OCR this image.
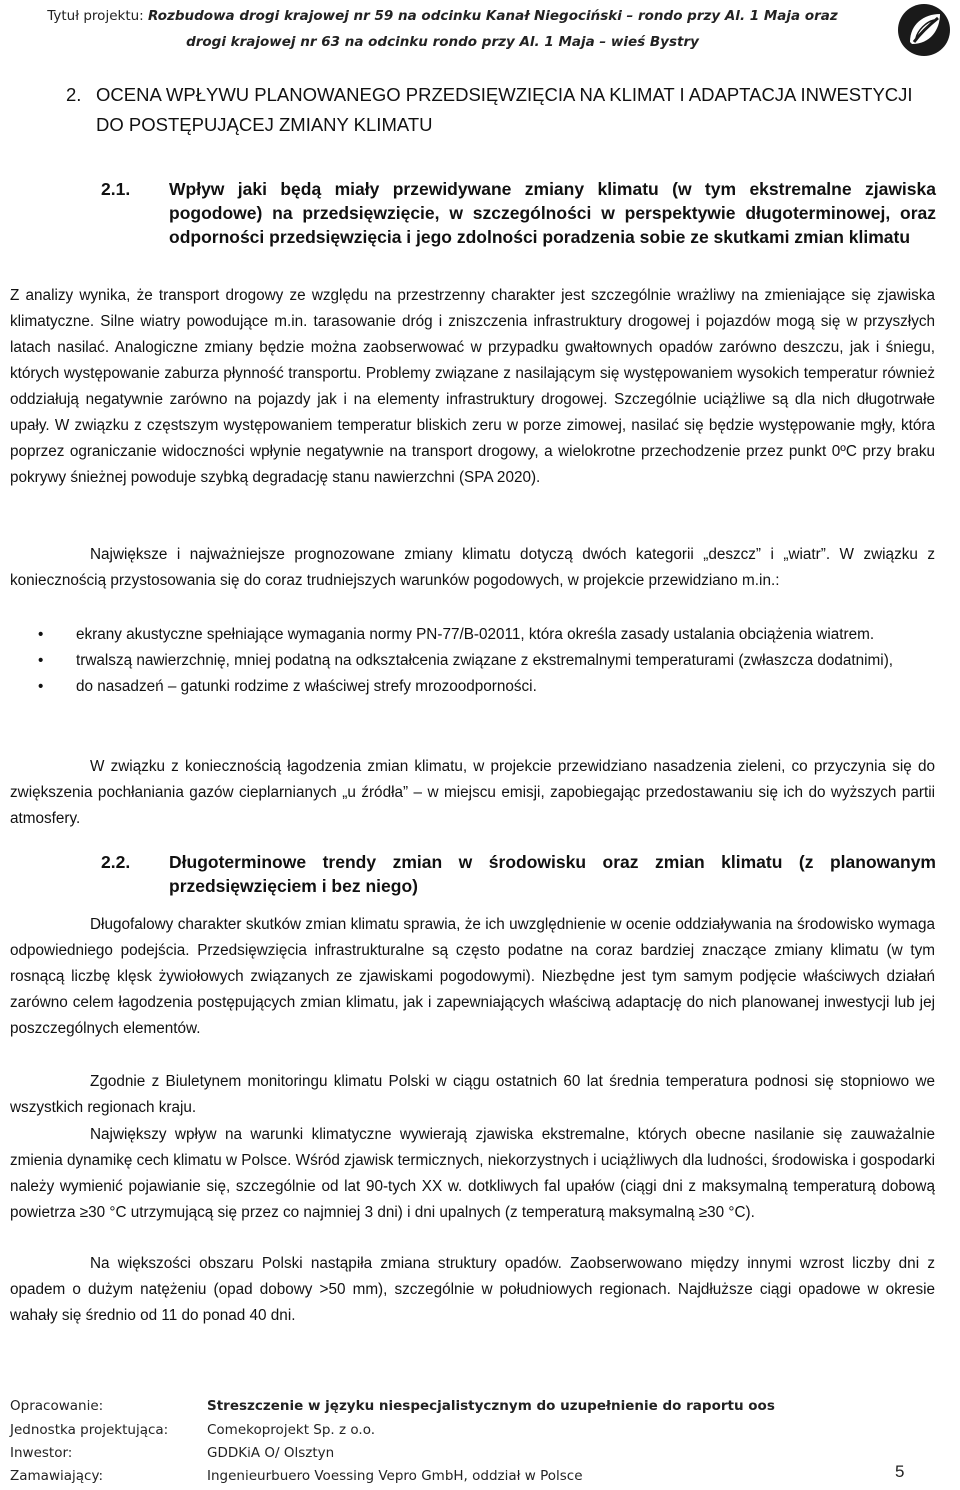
Tytuł projektu: Rozbudowa drogi krajowej nr 59 na odcinku Kanał Niegociński – rondo przy Al. 1 Maja oraz
drogi krajowej nr 63 na odcinku rondo przy Al. 1 Maja – wieś Bystry
2. OCENA WPŁYWU PLANOWANEGO PRZEDSIĘWZIĘCIA NA KLIMAT I ADAPTACJA INWESTYCJI DO POSTĘPUJĄCEJ ZMIANY KLIMATU
2.1. Wpływ jaki będą miały przewidywane zmiany klimatu (w tym ekstremalne zjawiska pogodowe) na przedsięwzięcie, w szczególności w perspektywie długoterminowej, oraz odporności przedsięwzięcia i jego zdolności poradzenia sobie ze skutkami zmian klimatu
Z analizy wynika, że transport drogowy ze względu na przestrzenny charakter jest szczególnie wrażliwy na zmieniające się zjawiska klimatyczne. Silne wiatry powodujące m.in. tarasowanie dróg i zniszczenia infrastruktury drogowej i pojazdów mogą się w przyszłych latach nasilać. Analogiczne zmiany będzie można zaobserwować w przypadku gwałtownych opadów zarówno deszczu, jak i śniegu, których występowanie zaburza płynność transportu. Problemy związane z nasilającym się występowaniem wysokich temperatur również oddziałują negatywnie zarówno na pojazdy jak i na elementy infrastruktury drogowej. Szczególnie uciążliwe są dla nich długotrwałe upały. W związku z częstszym występowaniem temperatur bliskich zeru w porze zimowej, nasilać się będzie występowanie mgły, która poprzez ograniczanie widoczności wpłynie negatywnie na transport drogowy, a wielokrotne przechodzenie przez punkt 0ºC przy braku pokrywy śnieżnej powoduje szybką degradację stanu nawierzchni (SPA 2020).
Największe i najważniejsze prognozowane zmiany klimatu dotyczą dwóch kategorii „deszcz” i „wiatr”. W związku z koniecznością przystosowania się do coraz trudniejszych warunków pogodowych, w projekcie przewidziano m.in.:
• ekrany akustyczne spełniające wymagania normy PN-77/B-02011, która określa zasady ustalania obciążenia wiatrem.
• trwalszą nawierzchnię, mniej podatną na odkształcenia związane z ekstremalnymi temperaturami (zwłaszcza dodatnimi),
• do nasadzeń – gatunki rodzime z właściwej strefy mrozoodporności.
W związku z koniecznością łagodzenia zmian klimatu, w projekcie przewidziano nasadzenia zieleni, co przyczynia się do zwiększenia pochłaniania gazów cieplarnianych „u źródła” – w miejscu emisji, zapobiegając przedostawaniu się ich do wyższych partii atmosfery.
2.2. Długoterminowe trendy zmian w środowisku oraz zmian klimatu (z planowanym przedsięwzięciem i bez niego)
Długofalowy charakter skutków zmian klimatu sprawia, że ich uwzględnienie w ocenie oddziaływania na środowisko wymaga odpowiedniego podejścia. Przedsięwzięcia infrastrukturalne są często podatne na coraz bardziej znaczące zmiany klimatu (w tym rosnącą liczbę klęsk żywiołowych związanych ze zjawiskami pogodowymi). Niezbędne jest tym samym podjęcie właściwych działań zarówno celem łagodzenia postępujących zmian klimatu, jak i zapewniających właściwą adaptację do nich planowanej inwestycji lub jej poszczególnych elementów.
Zgodnie z Biuletynem monitoringu klimatu Polski w ciągu ostatnich 60 lat średnia temperatura podnosi się stopniowo we wszystkich regionach kraju.
Największy wpływ na warunki klimatyczne wywierają zjawiska ekstremalne, których obecne nasilanie się zauważalnie zmienia dynamikę cech klimatu w Polsce. Wśród zjawisk termicznych, niekorzystnych i uciążliwych dla ludności, środowiska i gospodarki należy wymienić pojawianie się, szczególnie od lat 90-tych XX w. dotkliwych fal upałów (ciągi dni z maksymalną temperaturą dobową powietrza ≥30 °C utrzymującą się przez co najmniej 3 dni) i dni upalnych (z temperaturą maksymalną ≥30 °C).
Na większości obszaru Polski nastąpiła zmiana struktury opadów. Zaobserwowano między innymi wzrost liczby dni z opadem o dużym natężeniu (opad dobowy >50 mm), szczególnie w południowych regionach. Najdłuższe ciągi opadowe w okresie wahały się średnio od 11 do ponad 40 dni.
Opracowanie:	Streszczenie w języku niespecjalistycznym do uzupełnienie do raportu oos
Jednostka projektująca:	Comekoprojekt Sp. z o.o.
Inwestor:	GDDKiA O/ Olsztyn
Zamawiający:	Ingenieurbuero Voessing Vepro GmbH, oddział w Polsce	5
